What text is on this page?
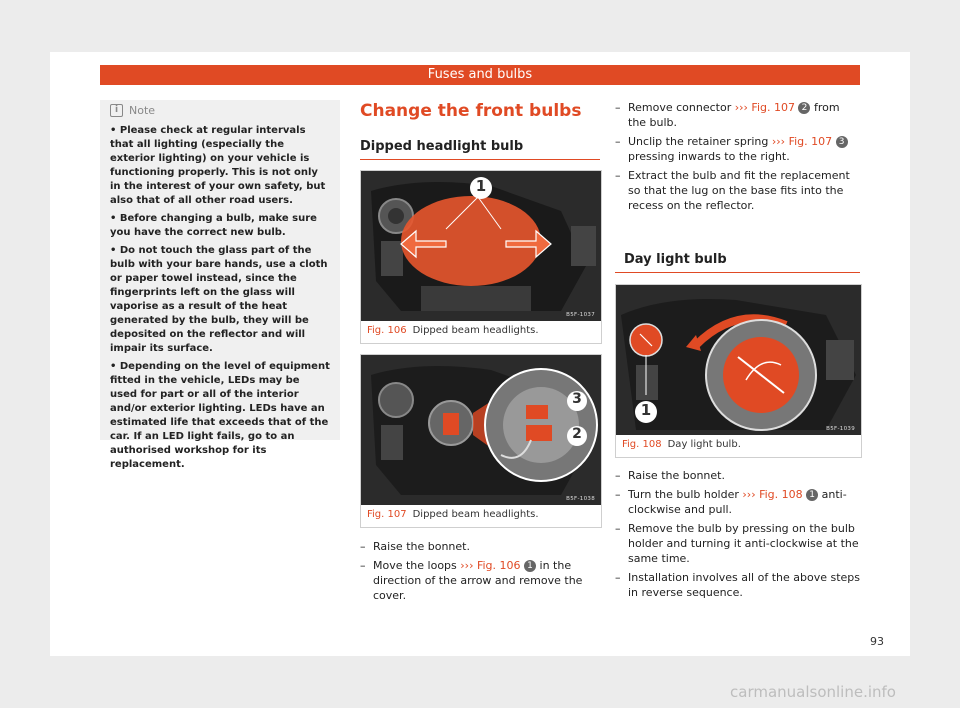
Fuses and bulbs
i Note

• Please check at regular intervals that all lighting (especially the exterior lighting) on your vehicle is functioning properly. This is not only in the interest of your own safety, but also that of all other road users.

• Before changing a bulb, make sure you have the correct new bulb.

• Do not touch the glass part of the bulb with your bare hands, use a cloth or paper towel instead, since the fingerprints left on the glass will vaporise as a result of the heat generated by the bulb, they will be deposited on the reflector and will impair its surface.

• Depending on the level of equipment fitted in the vehicle, LEDs may be used for part or all of the interior and/or exterior lighting. LEDs have an estimated life that exceeds that of the car. If an LED light fails, go to an authorised workshop for its replacement.

Change the front bulbs
Dipped headlight bulb
1
B5F-1037
Fig. 106 Dipped beam headlights.
3
2
B5F-1038
Fig. 107 Dipped beam headlights.
– Raise the bonnet.
– Move the loops ››› Fig. 106 1 in the direction of the arrow and remove the cover.
– Remove connector ››› Fig. 107 2 from the bulb.
– Unclip the retainer spring ››› Fig. 107 3 pressing inwards to the right.
– Extract the bulb and fit the replacement so that the lug on the base fits into the recess on the reflector.
Day light bulb
1
B5F-1039
Fig. 108 Day light bulb.
– Raise the bonnet.
– Turn the bulb holder ››› Fig. 108 1 anti-clockwise and pull.
– Remove the bulb by pressing on the bulb holder and turning it anti-clockwise at the same time.
– Installation involves all of the above steps in reverse sequence.
93
carmanualsonline.info
